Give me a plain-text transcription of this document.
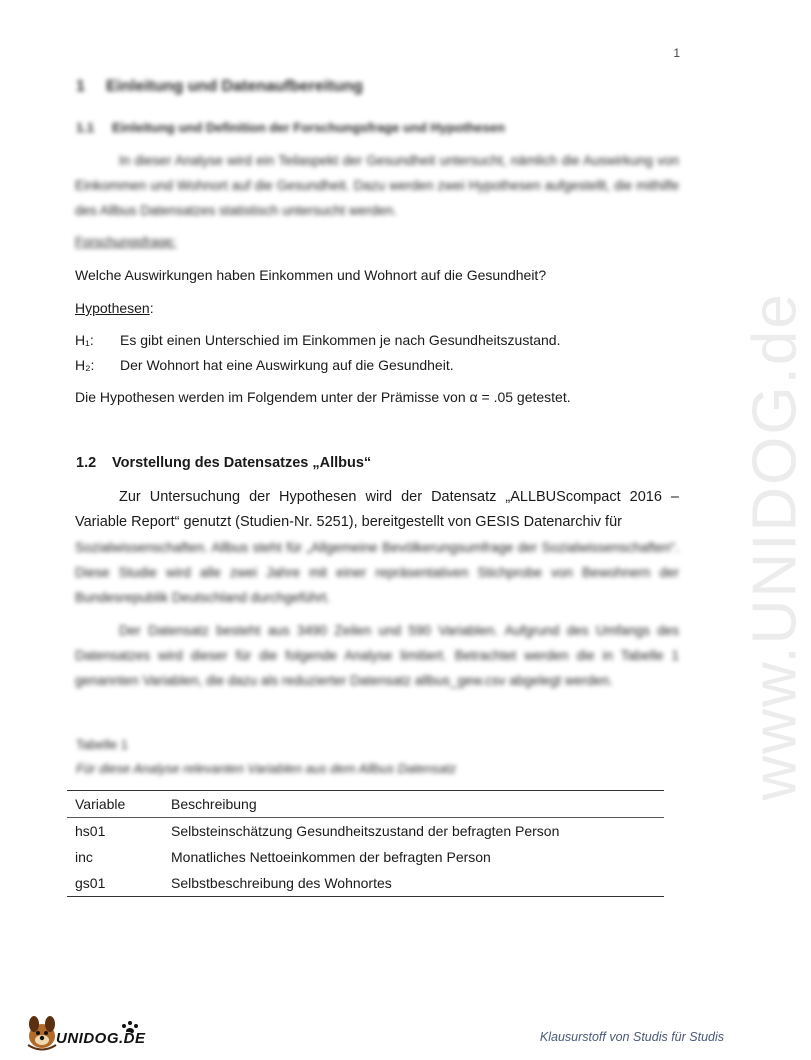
www.UNIDOG.de
1
1 Einleitung und Datenaufbereitung
1.1 Einleitung und Definition der Forschungsfrage und Hypothesen

In dieser Analyse wird ein Teilaspekt der Gesundheit untersucht, nämlich die Auswirkung von Einkommen und Wohnort auf die Gesundheit. Dazu werden zwei Hypothesen aufgestellt, die mithilfe des Allbus Datensatzes statistisch untersucht werden.

Forschungsfrage:
Welche Auswirkungen haben Einkommen und Wohnort auf die Gesundheit?
Hypothesen:
H₁: Es gibt einen Unterschied im Einkommen je nach Gesundheitszustand.
H₂: Der Wohnort hat eine Auswirkung auf die Gesundheit.
Die Hypothesen werden im Folgendem unter der Prämisse von α = .05 getestet.
1.2 Vorstellung des Datensatzes „Allbus“

Zur Untersuchung der Hypothesen wird der Datensatz „ALLBUScompact 2016 – Variable Report“ genutzt (Studien-Nr. 5251), bereitgestellt von GESIS Datenarchiv für

Sozialwissenschaften. Allbus steht für „Allgemeine Bevölkerungsumfrage der Sozialwissenschaften“. Diese Studie wird alle zwei Jahre mit einer repräsentativen Stichprobe von Bewohnern der Bundesrepublik Deutschland durchgeführt.

Der Datensatz besteht aus 3490 Zeilen und 590 Variablen. Aufgrund des Umfangs des Datensatzes wird dieser für die folgende Analyse limitiert. Betrachtet werden die in Tabelle 1 genannten Variablen, die dazu als reduzierter Datensatz allbus_gew.csv abgelegt werden.

Tabelle 1
Für diese Analyse relevanten Variablen aus dem Allbus Datensatz
Variable	Beschreibung
hs01	Selbsteinschätzung Gesundheitszustand der befragten Person
inc	Monatliches Nettoeinkommen der befragten Person
gs01	Selbstbeschreibung des Wohnortes
UNIDOG.DE	Klausurstoff von Studis für Studis
